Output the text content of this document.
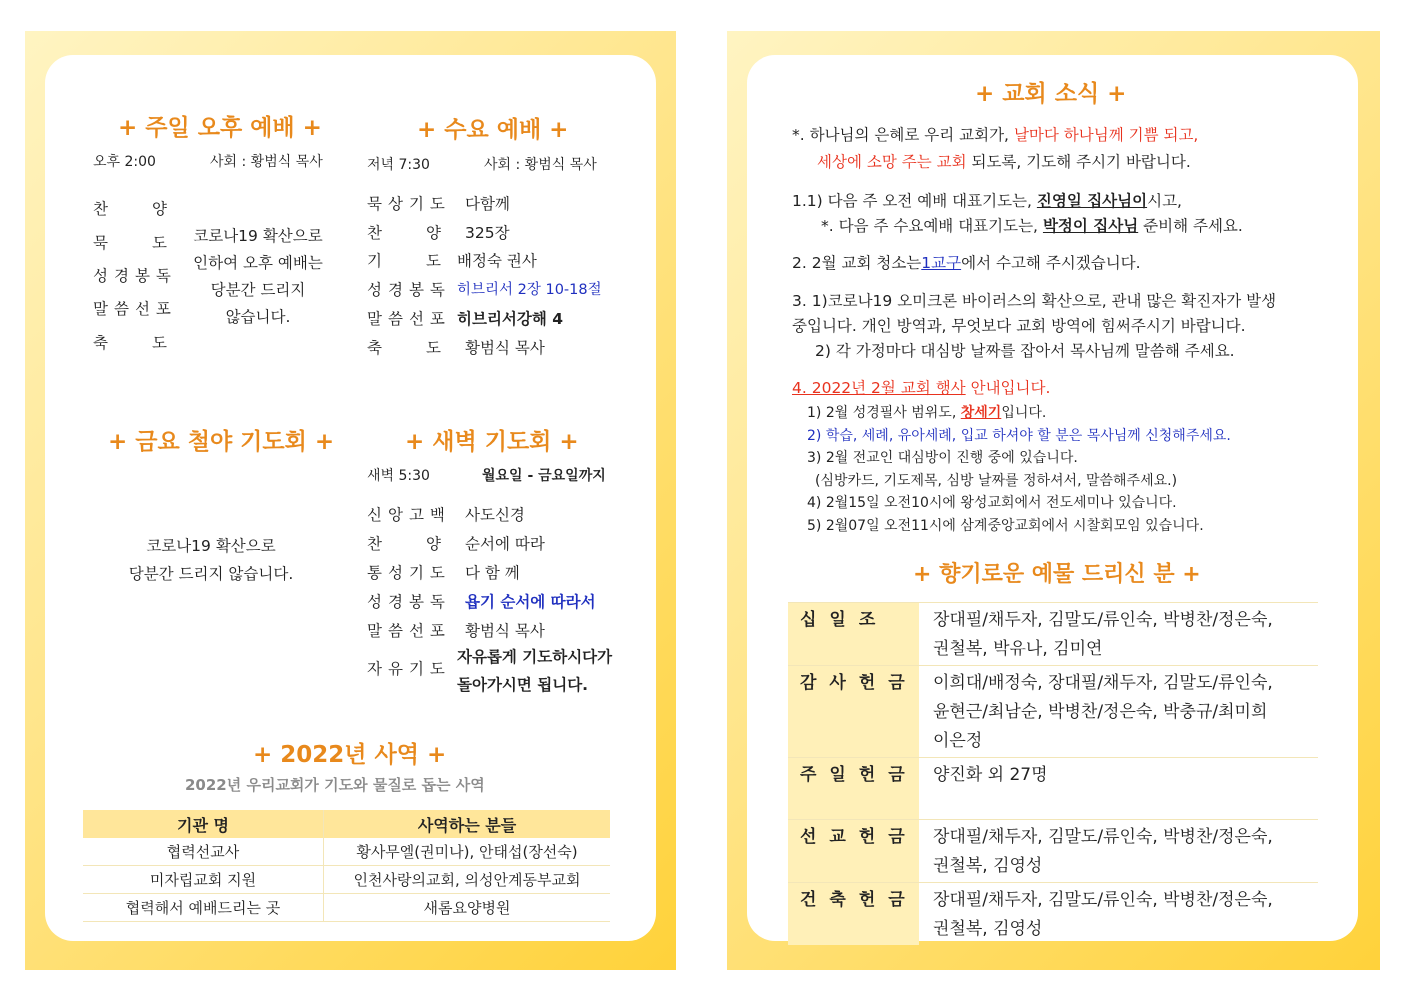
+ 주일 오후 예배 +
오후 2:00	사회 : 황범식 목사
찬	양
묵	도
성경봉독
말씀선포
축	도
코로나19 확산으로
인하여 오후 예배는
당분간 드리지
않습니다.
+ 수요 예배 +
저녁 7:30	사회 : 황범식 목사
묵상기도 다함께
찬	양 325장
기	도 배정숙 권사
성경봉독 히브리서 2장 10-18절
말씀선포 히브리서강해 4
축	도 황범식 목사
+ 금요 철야 기도회 +
코로나19 확산으로
당분간 드리지 않습니다.
+ 새벽 기도회 +
새벽 5:30	월요일 - 금요일까지
신앙고백 사도신경
찬	양 순서에 따라
통성기도 다 함 께
성경봉독 욥기 순서에 따라서
말씀선포 황범식 목사
자유기도
자유롭게 기도하시다가
돌아가시면 됩니다.
+ 2022년 사역 +
2022년 우리교회가 기도와 물질로 돕는 사역
기관 명	사역하는 분들
협력선교사	황사무엘(권미나), 안태섭(장선숙)
미자립교회 지원	인천사랑의교회, 의성안계동부교회
협력해서 예배드리는 곳	새롬요양병원
+ 교회 소식 +
*. 하나님의 은혜로 우리 교회가, 날마다 하나님께 기쁨 되고,
세상에 소망 주는 교회 되도록, 기도해 주시기 바랍니다.
1.1) 다음 주 오전 예배 대표기도는, 진영일 집사님이시고,
*. 다음 주 수요예배 대표기도는, 박정이 집사님 준비해 주세요.
2. 2월 교회 청소는1교구에서 수고해 주시겠습니다.
3. 1)코로나19 오미크론 바이러스의 확산으로, 관내 많은 확진자가 발생
중입니다. 개인 방역과, 무엇보다 교회 방역에 힘써주시기 바랍니다.
2) 각 가정마다 대심방 날짜를 잡아서 목사님께 말씀해 주세요.
4. 2022년 2월 교회 행사 안내입니다.
1) 2월 성경필사 범위도, 창세기입니다.
2) 학습, 세례, 유아세례, 입교 하셔야 할 분은 목사님께 신청해주세요.
3) 2월 전교인 대심방이 진행 중에 있습니다.
(심방카드, 기도제목, 심방 날짜를 정하셔서, 말씀해주세요.)
4) 2월15일 오전10시에 왕성교회에서 전도세미나 있습니다.
5) 2월07일 오전11시에 삼계중앙교회에서 시찰회모임 있습니다.
+ 향기로운 예물 드리신 분 +
십일조	장대필/채두자, 김말도/류인숙, 박병찬/정은숙,
권철복, 박유나, 김미연

감사헌금	이희대/배정숙, 장대필/채두자, 김말도/류인숙,
윤현근/최남순, 박병찬/정은숙, 박충규/최미희
이은정

주일헌금	양진화 외 27명

선교헌금	장대필/채두자, 김말도/류인숙, 박병찬/정은숙,
권철복, 김영성

건축헌금	장대필/채두자, 김말도/류인숙, 박병찬/정은숙,
권철복, 김영성
